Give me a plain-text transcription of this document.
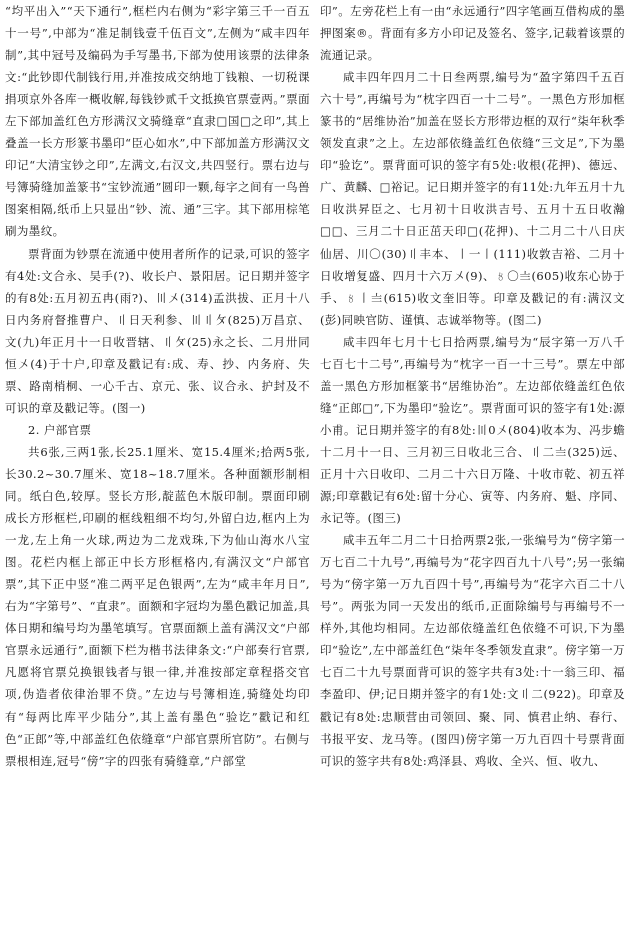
“均平出入”“天下通行”,框栏内右侧为“彩字第三千一百五十一号”,中部为“准足制钱壹千伍百文”,左侧为“咸丰四年制”,其中冠号及编码为手写墨书,下部为使用该票的法律条文:“此钞即代制钱行用,并准按成交纳地丁钱粮、一切税课捐项京外各库一概收解,每钱钞贰千文抵换官票壹两。”票面左下部加盖红色方形满汉文骑缝章“直隶□国□之印”,其上叠盖一长方形篆书墨印“臣心如水”,中下部加盖方形满汉文印记“大清宝钞之印”,左满文,右汉文,共四竖行。票右边与号簿骑缝加盖篆书“宝钞流通”圆印一颗,每字之间有一鸟兽图案相隔,纸币上只显出“钞、流、通”三字。其下部用棕笔刷为墨纹。

票背面为钞票在流通中使用者所作的记录,可识的签字有4处:文合永、吴手(?)、收长户、景阳居。记日期并签字的有8处:五月初五冉(雨?)、〣〤(314)孟洪拔、正月〸八日内务府督推曹户、〢日天利参、〣〢〩(825)万昌京、文(九)年正月〸一日收晋辖、〢〩(25)永之长、二月卅同恒〤(4)于十户,印章及戳记有:成、寿、抄、内务府、失票、路南梢桐、一心千古、京元、张、议合永、护封及不可识的章及戳记等。(图一)

2. 户部官票

共6张,三两1张,长25.1厘米、宽15.4厘米;拾两5张,长30.2~30.7厘米、宽18~18.7厘米。各种面额形制相同。纸白色,较厚。竖长方形,靛蓝色木版印制。票面印刷成长方形框栏,印刷的框线粗细不均匀,外留白边,框内上为一龙,左上角一火球,两边为二龙戏珠,下为仙山海水八宝图。花栏内框上部正中长方形框格内,有满汉文“户部官票”,其下正中竖“准二两平足色银两”,左为“咸丰年月日”,右为“字第号”、“直隶”。面额和字冠均为墨色戳记加盖,具体日期和编号均为墨笔填写。官票面额上盖有满汉文“户部官票永远通行”,面额下栏为楷书法律条文:“户部奏行官票,凡愿将官票兑换银钱者与银一律,并准按部定章程搭交官项,伪造者依律治罪不贷。”左边与号簿相连,骑缝处均印有“每两比库平少陆分”,其上盖有墨色“验讫”戳记和红色“正郎”等,中部盖红色依缝章“户部官票所官防”。右侧与票根相连,冠号“傍”字的四张有骑缝章,“户部堂

印”。左旁花栏上有一由“永远通行”四字笔画互借构成的墨押图案®。背面有多方小印记及签名、签字,记载着该票的流通记录。

咸丰四年四月二十日叁两票,编号为“盈字第四千五百六十号”,再编号为“枕字四百一十二号”。一黑色方形加框篆书的“居维协治”加盖在竖长方形带边框的双行“柒年秋季领发直隶”之上。左边部依缝盖红色依缝“三文足”,下为墨印“验讫”。票背面可识的签字有5处:收根(花押)、德远、广、黄麟、□裕记。记日期并签字的有11处:九年五月十九日收洪昇臣之、七月初十日收洪吉号、五月十五日收瀚□□、三月二十日正茁天印□(花押)、十二月二十八日庆仙居、川〇(30)〢丰本、〡一〡(111)收敦吉裕、二月〸日收增复盛、四月十六万〤(9)、〥〇〨(605)收东心协于手、〥〡〨(615)收文奎旧等。印章及戳记的有:满汉文(彭)同映官防、谨慎、志诚举物等。(图二)

咸丰四年七月十七日拾两票,编号为“辰字第一万八千七百七十二号”,再编号为“枕字一百一十三号”。票左中部盖一黑色方形加框篆书“居维协治”。左边部依缝盖红色依缝“正郎□”,下为墨印“验讫”。票背面可识的签字有1处:源小甫。记日期并签字的有8处:〣0〤(804)收本为、冯步蟾十二月〸一日、三月初三日收北三合、〢二〨(325)远、正月十六日收印、二月二十六日万隆、〸收市乾、初五祥源;印章戳记有6处:留十分心、寅等、内务府、魁、序同、永记等。(图三)

咸丰五年二月二十日拾两票2张,一张编号为“傍字第一万七百二十九号”,再编号为“花字四百九十八号”;另一张编号为“傍字第一万九百四十号”,再编号为“花字六百二十八号”。两张为同一天发出的纸币,正面除编号与再编号不一样外,其他均相同。左边部依缝盖红色依缝不可识,下为墨印“验讫”,左中部盖红色“柒年冬季领发直隶”。傍字第一万七百二十九号票面背可识的签字共有3处:十一翁三印、福李盈印、伊;记日期并签字的有1处:文〢二(922)。印章及戳记有8处:忠顺营由司领回、聚、同、慎君止纳、春行、书报平安、龙马等。(图四)傍字第一万九百四十号票背面可识的签字共有8处:鸡泽县、鸡收、全兴、恒、收九、
